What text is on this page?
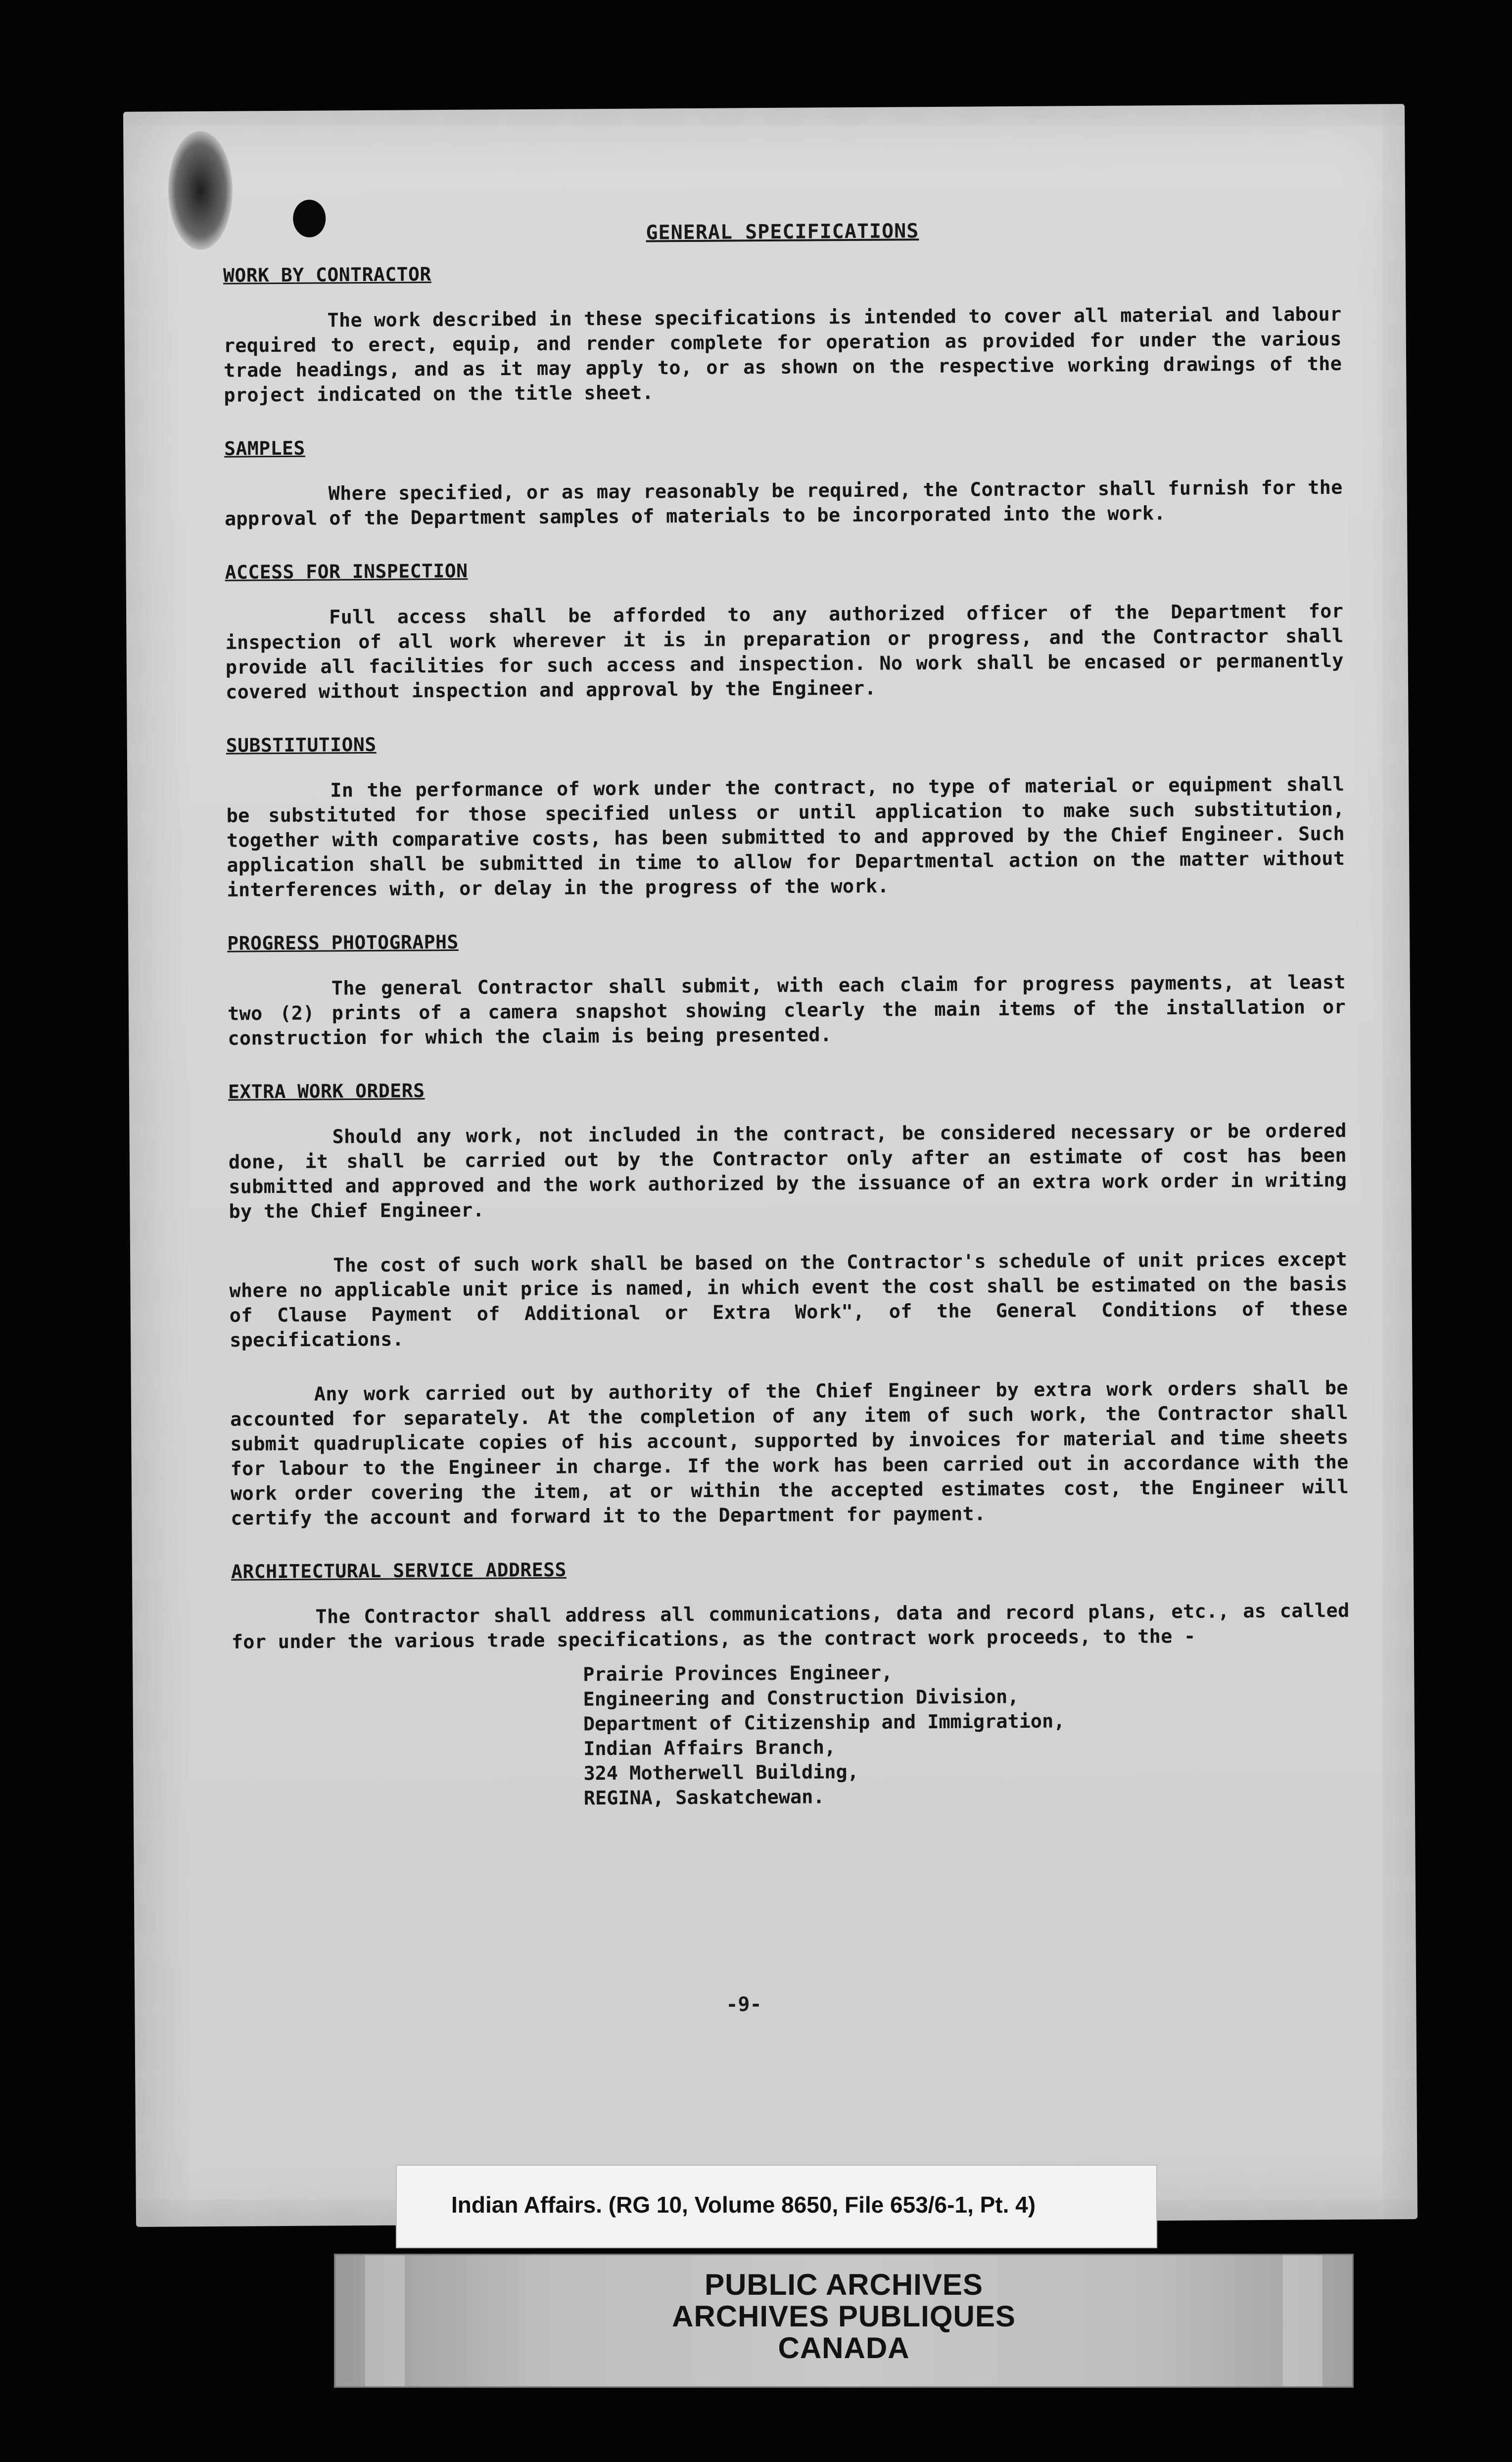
GENERAL SPECIFICATIONS
WORK BY CONTRACTOR

The work described in these specifications is intended to cover all material and labour required to erect, equip, and render complete for operation as provided for under the various trade headings, and as it may apply to, or as shown on the respective working drawings of the project indicated on the title sheet.

SAMPLES

Where specified, or as may reasonably be required, the Contractor shall furnish for the approval of the Department samples of materials to be incorporated into the work.

ACCESS FOR INSPECTION

Full access shall be afforded to any authorized officer of the Department for inspection of all work wherever it is in preparation or progress, and the Contractor shall provide all facilities for such access and inspection. No work shall be encased or permanently covered without inspection and approval by the Engineer.

SUBSTITUTIONS

In the performance of work under the contract, no type of material or equipment shall be substituted for those specified unless or until application to make such substitution, together with comparative costs, has been submitted to and approved by the Chief Engineer. Such application shall be submitted in time to allow for Departmental action on the matter without interferences with, or delay in the progress of the work.

PROGRESS PHOTOGRAPHS

The general Contractor shall submit, with each claim for progress payments, at least two (2) prints of a camera snapshot showing clearly the main items of the installation or construction for which the claim is being presented.

EXTRA WORK ORDERS

Should any work, not included in the contract, be considered necessary or be ordered done, it shall be carried out by the Contractor only after an estimate of cost has been submitted and approved and the work authorized by the issuance of an extra work order in writing by the Chief Engineer.

The cost of such work shall be based on the Contractor's schedule of unit prices except where no applicable unit price is named, in which event the cost shall be estimated on the basis of Clause Payment of Additional or Extra Work", of the General Conditions of these specifications.

Any work carried out by authority of the Chief Engineer by extra work orders shall be accounted for separately. At the completion of any item of such work, the Contractor shall submit quadruplicate copies of his account, supported by invoices for material and time sheets for labour to the Engineer in charge. If the work has been carried out in accordance with the work order covering the item, at or within the accepted estimates cost, the Engineer will certify the account and forward it to the Department for payment.

ARCHITECTURAL SERVICE ADDRESS

The Contractor shall address all communications, data and record plans, etc., as called for under the various trade specifications, as the contract work proceeds, to the -

Prairie Provinces Engineer,
Engineering and Construction Division,
Department of Citizenship and Immigration,
Indian Affairs Branch,
324 Motherwell Building,
REGINA, Saskatchewan.
-9-
Indian Affairs. (RG 10, Volume 8650, File 653/6-1, Pt. 4)
PUBLIC ARCHIVES
ARCHIVES PUBLIQUES
CANADA
